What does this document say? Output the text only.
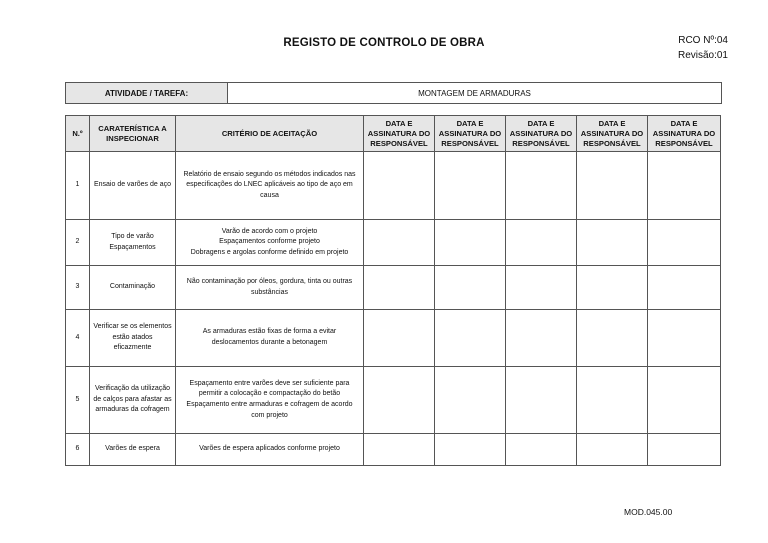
REGISTO DE CONTROLO DE OBRA	RCO Nº:04
Revisão:01
ATIVIDADE / TAREFA:	MONTAGEM DE ARMADURAS
N.º	CARATERÍSTICA A INSPECIONAR	CRITÉRIO DE ACEITAÇÃO	DATA E ASSINATURA DO RESPONSÁVEL	DATA E ASSINATURA DO RESPONSÁVEL	DATA E ASSINATURA DO RESPONSÁVEL	DATA E ASSINATURA DO RESPONSÁVEL	DATA E ASSINATURA DO RESPONSÁVEL
1	Ensaio de varões de aço	Relatório de ensaio segundo os métodos indicados nas especificações do LNEC aplicáveis ao tipo de aço em causa					

2	Tipo de varão Espaçamentos	Varão de acordo com o projeto
Espaçamentos conforme projeto
Dobragens e argolas conforme definido em projeto					

3	Contaminação	Não contaminação por óleos, gordura, tinta ou outras substâncias					

4	Verificar se os elementos estão atados eficazmente	As armaduras estão fixas de forma a evitar deslocamentos durante a betonagem					

5	Verificação da utilização de calços para afastar as armaduras da cofragem	Espaçamento entre varões deve ser suficiente para permitir a colocação e compactação do betão
Espaçamento entre armaduras e cofragem de acordo com projeto					

6	Varões de espera	Varões de espera aplicados conforme projeto					

MOD.045.00
